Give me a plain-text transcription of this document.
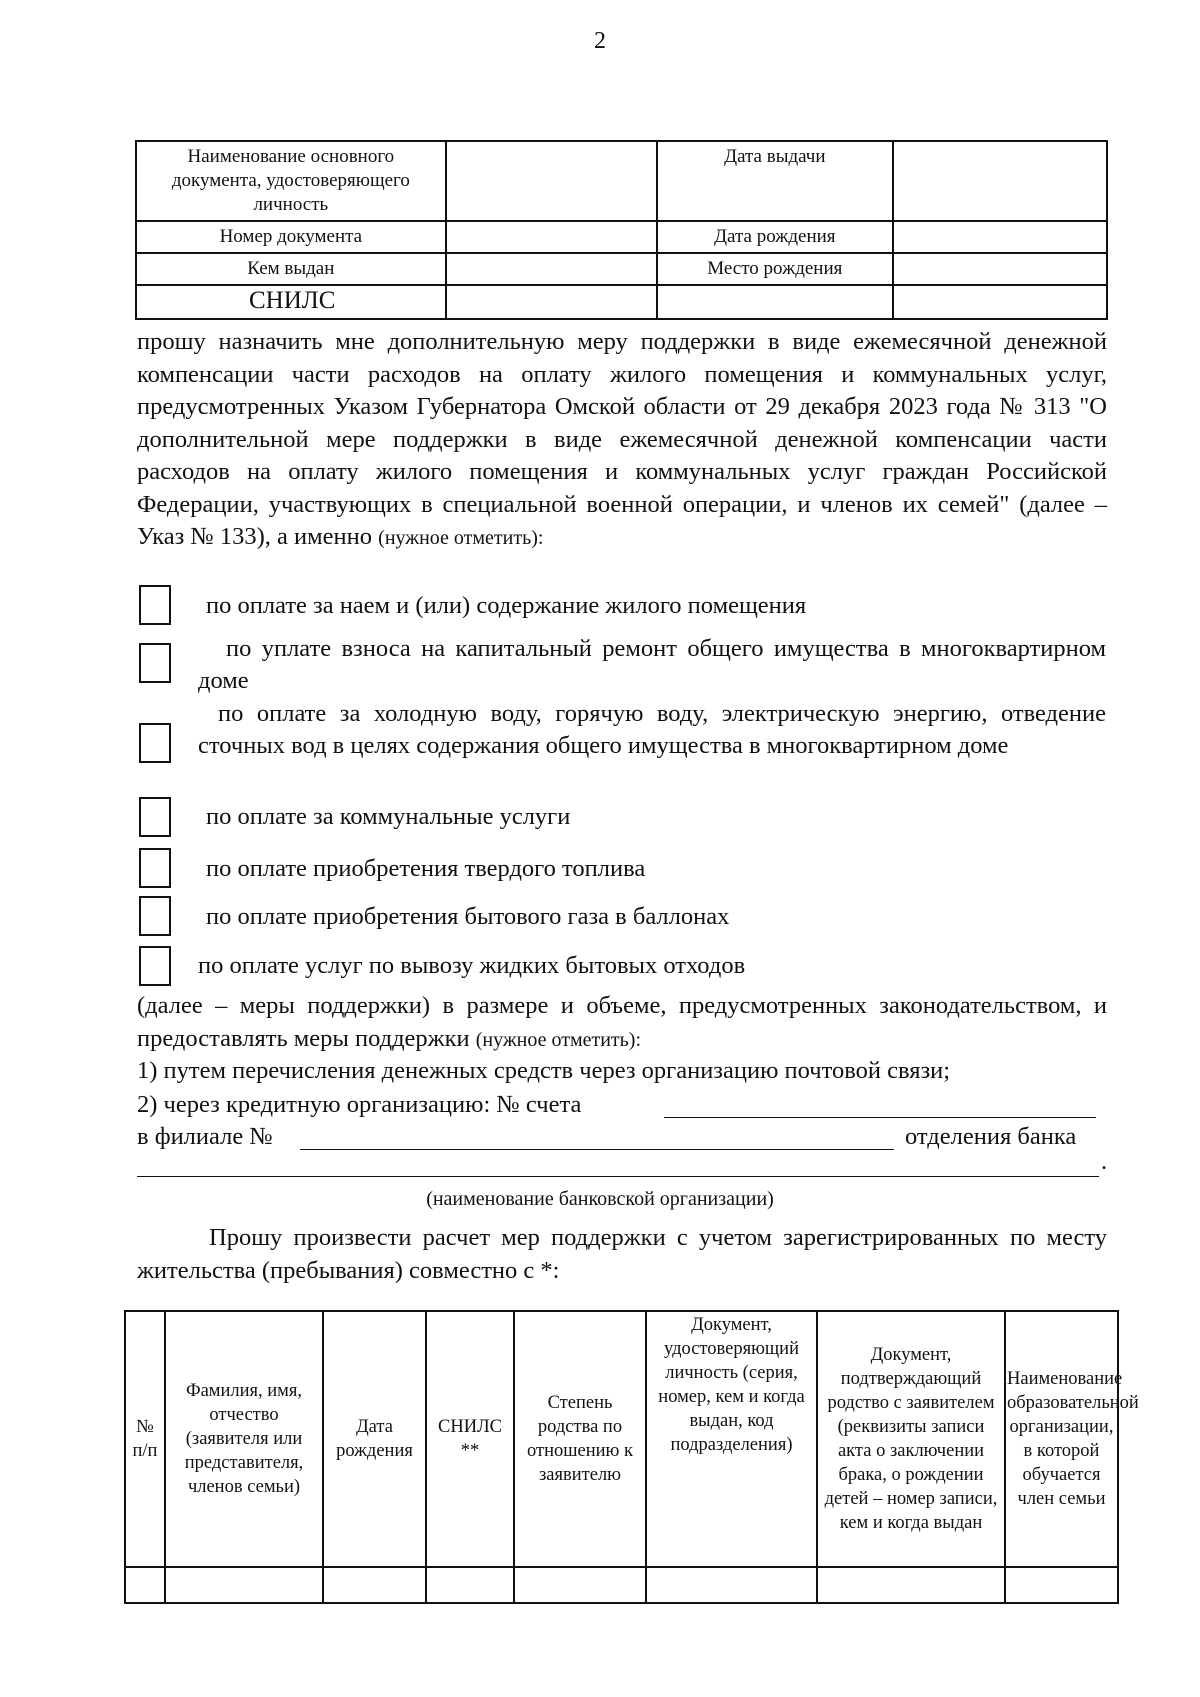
2
Наименование основного документа, удостоверяющего личность		Дата выдачи	
Номер документа		Дата рождения	
Кем выдан		Место рождения	
СНИЛС			
прошу назначить мне дополнительную меру поддержки в виде ежемесячной денежной компенсации части расходов на оплату жилого помещения и коммунальных услуг, предусмотренных Указом Губернатора Омской области от 29 декабря 2023 года № 313 "О дополнительной мере поддержки в виде ежемесячной денежной компенсации части расходов на оплату жилого помещения и коммунальных услуг граждан Российской Федерации, участвующих в специальной военной операции, и членов их семей" (далее – Указ № 133), а именно (нужное отметить):
по оплате за наем и (или) содержание жилого помещения
по уплате взноса на капитальный ремонт общего имущества в многоквартирном доме
по оплате за холодную воду, горячую воду, электрическую энергию, отведение сточных вод в целях содержания общего имущества в многоквартирном доме
по оплате за коммунальные услуги
по оплате приобретения твердого топлива
по оплате приобретения бытового газа в баллонах
по оплате услуг по вывозу жидких бытовых отходов
(далее – меры поддержки) в размере и объеме, предусмотренных законодательством, и предоставлять меры поддержки (нужное отметить):
1) путем перечисления денежных средств через организацию почтовой связи;
2) через кредитную организацию: № счета
в филиале №	отделения банка
.
(наименование банковской организации)
Прошу произвести расчет мер поддержки с учетом зарегистрированных по месту жительства (пребывания) совместно с *:
№ п/п	Фамилия, имя, отчество (заявителя или представителя, членов семьи)	Дата рождения	СНИЛС **	Степень родства по отношению к заявителю	Документ, удостоверяющий личность (серия, номер, кем и когда выдан, код подразделения)	Документ, подтверждающий родство с заявителем (реквизиты записи акта о заключении брака, о рождении детей – номер записи, кем и когда выдан	Наименование образовательной организации, в которой обучается член семьи
